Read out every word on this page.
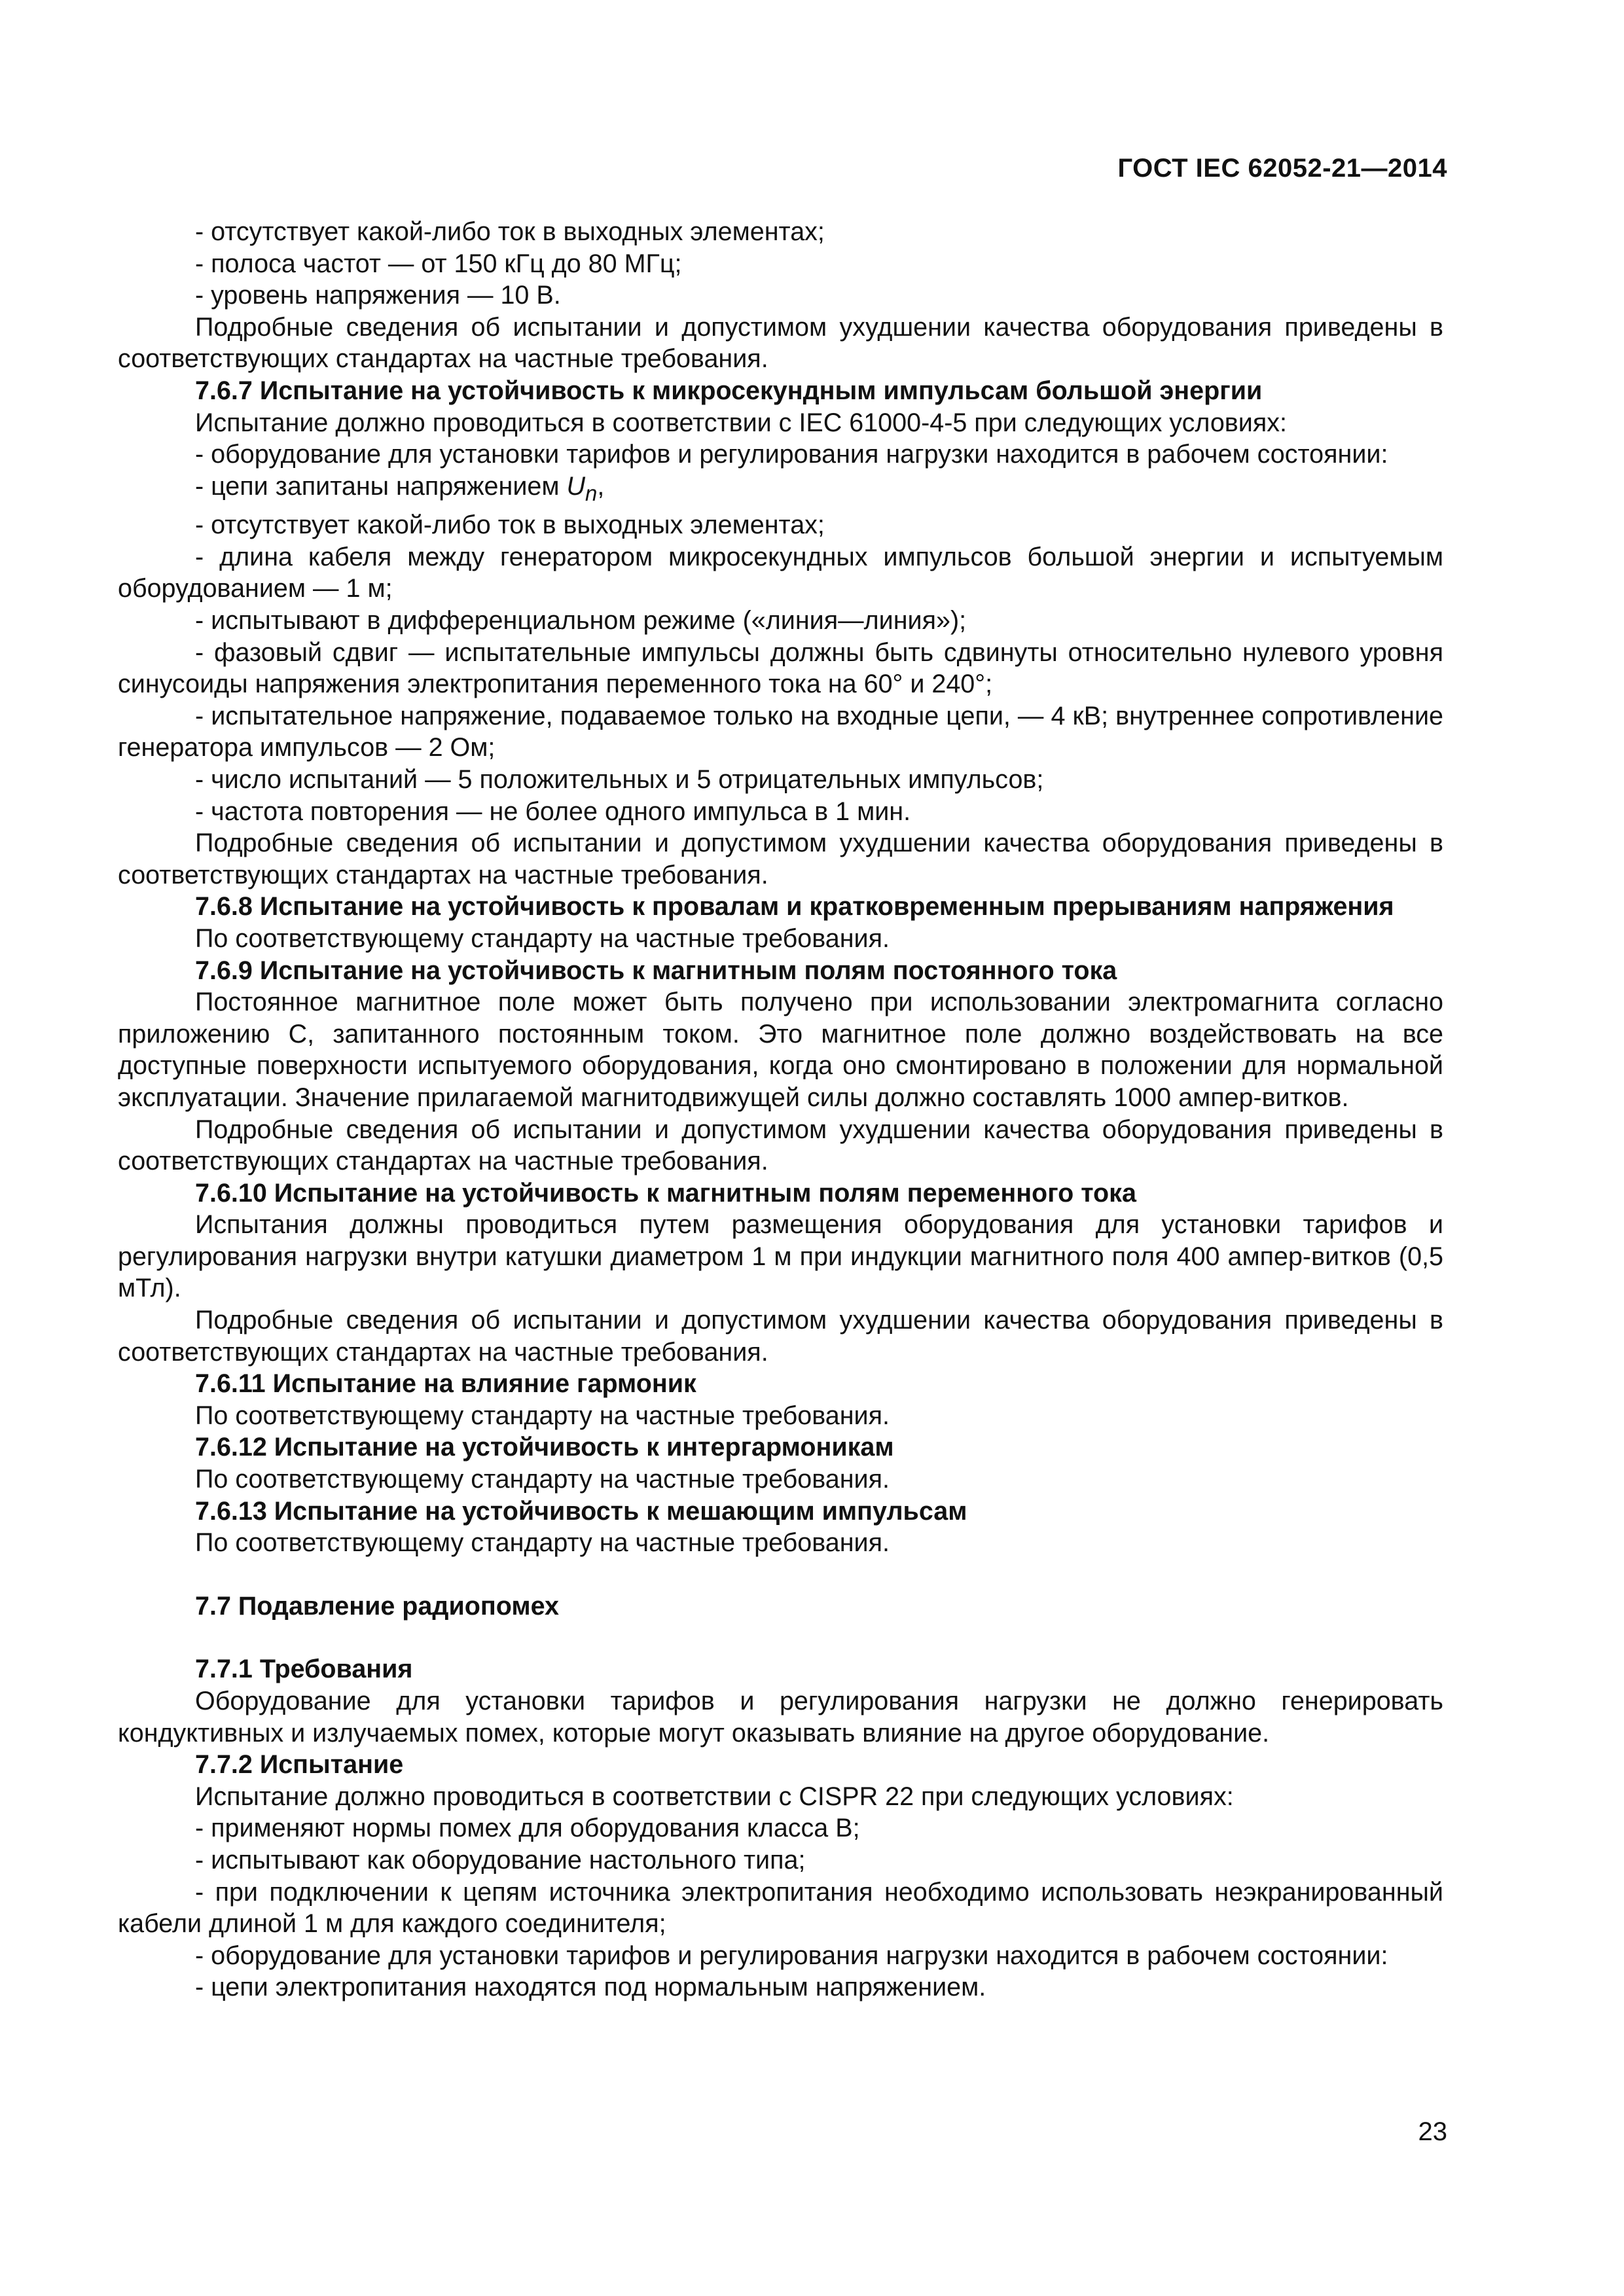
ГОСТ IEC 62052-21—2014

- отсутствует какой-либо ток в выходных элементах;

- полоса частот — от 150 кГц до 80 МГц;

- уровень напряжения — 10 В.

Подробные сведения об испытании и допустимом ухудшении качества оборудования приведены в соответствующих стандартах на частные требования.

7.6.7 Испытание на устойчивость к микросекундным импульсам большой энергии

Испытание должно проводиться в соответствии с IEC 61000-4-5 при следующих условиях:

- оборудование для установки тарифов и регулирования нагрузки находится в рабочем состоянии:

- цепи запитаны напряжением $U_n$,

- отсутствует какой-либо ток в выходных элементах;

- длина кабеля между генератором микросекундных импульсов большой энергии и испытуемым оборудованием — 1 м;

- испытывают в дифференциальном режиме («линия—линия»);

- фазовый сдвиг — испытательные импульсы должны быть сдвинуты относительно нулевого уровня синусоиды напряжения электропитания переменного тока на 60° и 240°;

- испытательное напряжение, подаваемое только на входные цепи, — 4 кВ; внутреннее сопротивление генератора импульсов — 2 Ом;

- число испытаний — 5 положительных и 5 отрицательных импульсов;

- частота повторения — не более одного импульса в 1 мин.

Подробные сведения об испытании и допустимом ухудшении качества оборудования приведены в соответствующих стандартах на частные требования.

7.6.8 Испытание на устойчивость к провалам и кратковременным прерываниям напряжения

По соответствующему стандарту на частные требования.

7.6.9 Испытание на устойчивость к магнитным полям постоянного тока

Постоянное магнитное поле может быть получено при использовании электромагнита согласно приложению С, запитанного постоянным током. Это магнитное поле должно воздействовать на все доступные поверхности испытуемого оборудования, когда оно смонтировано в положении для нормальной эксплуатации. Значение прилагаемой магнитодвижущей силы должно составлять 1000 ампер-витков.

Подробные сведения об испытании и допустимом ухудшении качества оборудования приведены в соответствующих стандартах на частные требования.

7.6.10 Испытание на устойчивость к магнитным полям переменного тока

Испытания должны проводиться путем размещения оборудования для установки тарифов и регулирования нагрузки внутри катушки диаметром 1 м при индукции магнитного поля 400 ампер-витков (0,5 мТл).

Подробные сведения об испытании и допустимом ухудшении качества оборудования приведены в соответствующих стандартах на частные требования.

7.6.11 Испытание на влияние гармоник

По соответствующему стандарту на частные требования.

7.6.12 Испытание на устойчивость к интергармоникам

По соответствующему стандарту на частные требования.

7.6.13 Испытание на устойчивость к мешающим импульсам

По соответствующему стандарту на частные требования.

7.7 Подавление радиопомех
7.7.1 Требования

Оборудование для установки тарифов и регулирования нагрузки не должно генерировать кондуктивных и излучаемых помех, которые могут оказывать влияние на другое оборудование.

7.7.2 Испытание

Испытание должно проводиться в соответствии с CISPR 22 при следующих условиях:

- применяют нормы помех для оборудования класса В;

- испытывают как оборудование настольного типа;

- при подключении к цепям источника электропитания необходимо использовать неэкранированный кабели длиной 1 м для каждого соединителя;

- оборудование для установки тарифов и регулирования нагрузки находится в рабочем состоянии:

- цепи электропитания находятся под нормальным напряжением.

23
